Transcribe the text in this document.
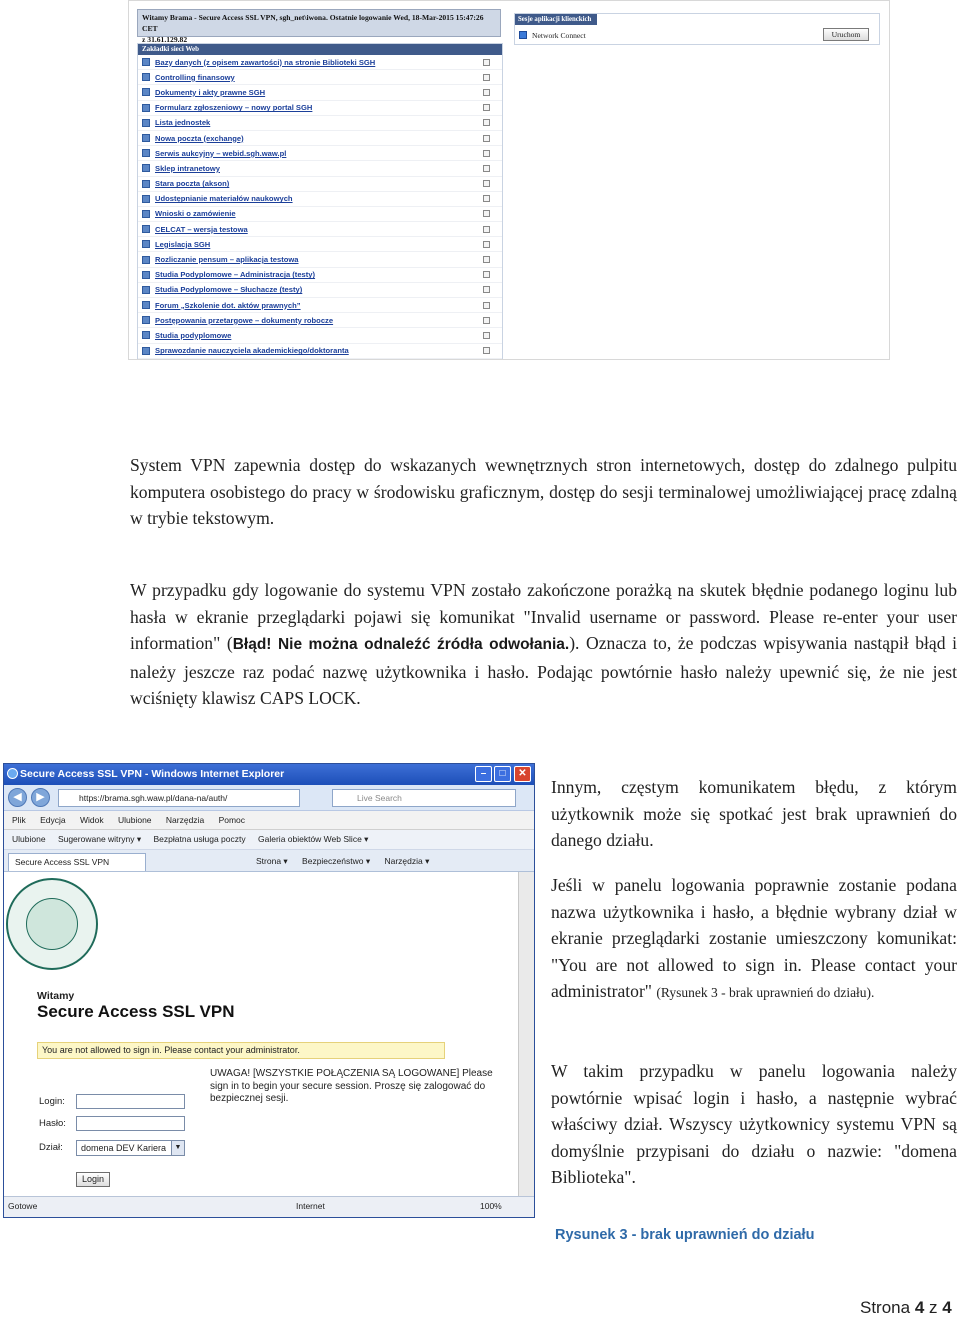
Witamy Brama - Secure Access SSL VPN, sgh_net\iwona. Ostatnie logowanie Wed, 18-Mar-2015 15:47:26 CET
z 31.61.129.82
Zakładki sieci Web
Bazy danych (z opisem zawartości) na stronie Biblioteki SGH
Controlling finansowy
Dokumenty i akty prawne SGH
Formularz zgłoszeniowy – nowy portal SGH
Lista jednostek
Nowa poczta (exchange)
Serwis aukcyjny – webid.sgh.waw.pl
Sklep intranetowy
Stara poczta (akson)
Udostępnianie materiałów naukowych
Wnioski o zamówienie
CELCAT – wersja testowa
Legislacja SGH
Rozliczanie pensum – aplikacja testowa
Studia Podyplomowe – Administracja (testy)
Studia Podyplomowe – Słuchacze (testy)
Forum „Szkolenie dot. aktów prawnych”
Postępowania przetargowe – dokumenty robocze
Studia podyplomowe
Sprawozdanie nauczyciela akademickiego/doktoranta
Sesje aplikacji klienckich
Network Connect	Uruchom
System VPN zapewnia dostęp do wskazanych wewnętrznych stron internetowych, dostęp do zdalnego pulpitu komputera osobistego do pracy w środowisku graficznym, dostęp do sesji terminalowej umożliwiającej pracę zdalną w trybie tekstowym.
W przypadku gdy logowanie do systemu VPN zostało zakończone porażką na skutek błędnie podanego loginu lub hasła w ekranie przeglądarki pojawi się komunikat "Invalid username or password. Please re-enter your user information" (Błąd! Nie można odnaleźć źródła odwołania.). Oznacza to, że podczas wpisywania nastąpił błąd i należy jeszcze raz podać nazwę użytkownika i hasło. Podając powtórnie hasło należy upewnić się, że nie jest wciśnięty klawisz CAPS LOCK.
Secure Access SSL VPN - Windows Internet Explorer	–	□	✕
◀	▶	https://brama.sgh.waw.pl/dana-na/auth/	Live Search
Plik Edycja Widok Ulubione Narzędzia Pomoc
Ulubione Sugerowane witryny ▾ Bezpłatna usługa poczty Galeria obiektów Web Slice ▾
Secure Access SSL VPN	Strona ▾ Bezpieczeństwo ▾ Narzędzia ▾
Witamy
Secure Access SSL VPN
You are not allowed to sign in. Please contact your administrator.
Login:
Hasło:
Dział:	domena DEV Kariera	▼
Login
UWAGA! [WSZYSTKIE POŁĄCZENIA SĄ LOGOWANE] Please sign in to begin your secure session. Proszę się zalogować do bezpiecznej sesji.
Gotowe	Internet	100%
Innym, częstym komunikatem błędu, z którym użytkownik może się spotkać jest brak uprawnień do danego działu.
Jeśli w panelu logowania poprawnie zostanie podana nazwa użytkownika i hasło, a błędnie wybrany dział w ekranie przeglądarki zostanie umieszczony komunikat: "You are not allowed to sign in. Please contact your administrator" (Rysunek 3 - brak uprawnień do działu).
W takim przypadku w panelu logowania należy powtórnie wpisać login i hasło, a następnie wybrać właściwy dział. Wszyscy użytkownicy systemu VPN są domyślnie przypisani do działu o nazwie: "domena Biblioteka".
Rysunek 3 - brak uprawnień do działu
Strona 4 z 4
